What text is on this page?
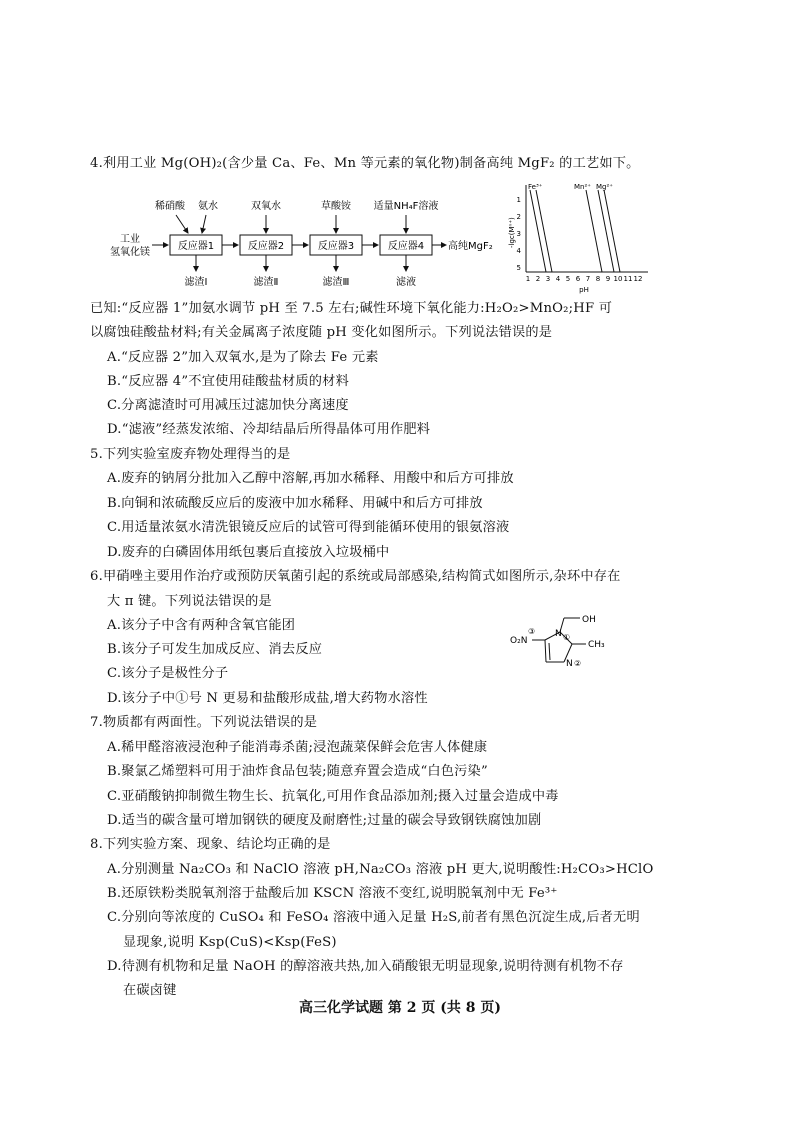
4.利用工业 Mg(OH)₂(含少量 Ca、Fe、Mn 等元素的氧化物)制备高纯 MgF₂ 的工艺如下。
已知:“反应器 1”加氨水调节 pH 至 7.5 左右;碱性环境下氧化能力:H₂O₂>MnO₂;HF 可
以腐蚀硅酸盐材料;有关金属离子浓度随 pH 变化如图所示。下列说法错误的是
A.“反应器 2”加入双氧水,是为了除去 Fe 元素
B.“反应器 4”不宜使用硅酸盐材质的材料
C.分离滤渣时可用减压过滤加快分离速度
D.“滤液”经蒸发浓缩、冷却结晶后所得晶体可用作肥料
5.下列实验室废弃物处理得当的是
A.废弃的钠屑分批加入乙醇中溶解,再加水稀释、用酸中和后方可排放
B.向铜和浓硫酸反应后的废液中加水稀释、用碱中和后方可排放
C.用适量浓氨水清洗银镜反应后的试管可得到能循环使用的银氨溶液
D.废弃的白磷固体用纸包裹后直接放入垃圾桶中
6.甲硝唑主要用作治疗或预防厌氧菌引起的系统或局部感染,结构简式如图所示,杂环中存在
大 π 键。下列说法错误的是
A.该分子中含有两种含氧官能团
B.该分子可发生加成反应、消去反应
C.该分子是极性分子
D.该分子中①号 N 更易和盐酸形成盐,增大药物水溶性
7.物质都有两面性。下列说法错误的是
A.稀甲醛溶液浸泡种子能消毒杀菌;浸泡蔬菜保鲜会危害人体健康
B.聚氯乙烯塑料可用于油炸食品包装;随意弃置会造成“白色污染”
C.亚硝酸钠抑制微生物生长、抗氧化,可用作食品添加剂;摄入过量会造成中毒
D.适当的碳含量可增加钢铁的硬度及耐磨性;过量的碳会导致钢铁腐蚀加剧
8.下列实验方案、现象、结论均正确的是
A.分别测量 Na₂CO₃ 和 NaClO 溶液 pH,Na₂CO₃ 溶液 pH 更大,说明酸性:H₂CO₃>HClO
B.还原铁粉类脱氧剂溶于盐酸后加 KSCN 溶液不变红,说明脱氧剂中无 Fe³⁺
C.分别向等浓度的 CuSO₄ 和 FeSO₄ 溶液中通入足量 H₂S,前者有黑色沉淀生成,后者无明
显现象,说明 Ksp(CuS)<Ksp(FeS)
D.待测有机物和足量 NaOH 的醇溶液共热,加入硝酸银无明显现象,说明待测有机物不存
在碳卤键
工业
氢氧化镁
反应器1	反应器2	反应器3	反应器4 高纯MgF₂
稀硝酸 氨水	双氧水	草酸铵 适量NH₄F溶液
滤渣Ⅰ	滤渣Ⅱ	滤渣Ⅲ	滤液
Fe³⁺	Mn²⁺ Mg²⁺
-lgc(Mⁿ⁺)
pH
1 2 3 4 5 6 7 8 9 10 11 12
1
2
3
4
5
OH
CH₃
O₂N
N
N
①
②
③
高三化学试题 第 2 页 (共 8 页)
